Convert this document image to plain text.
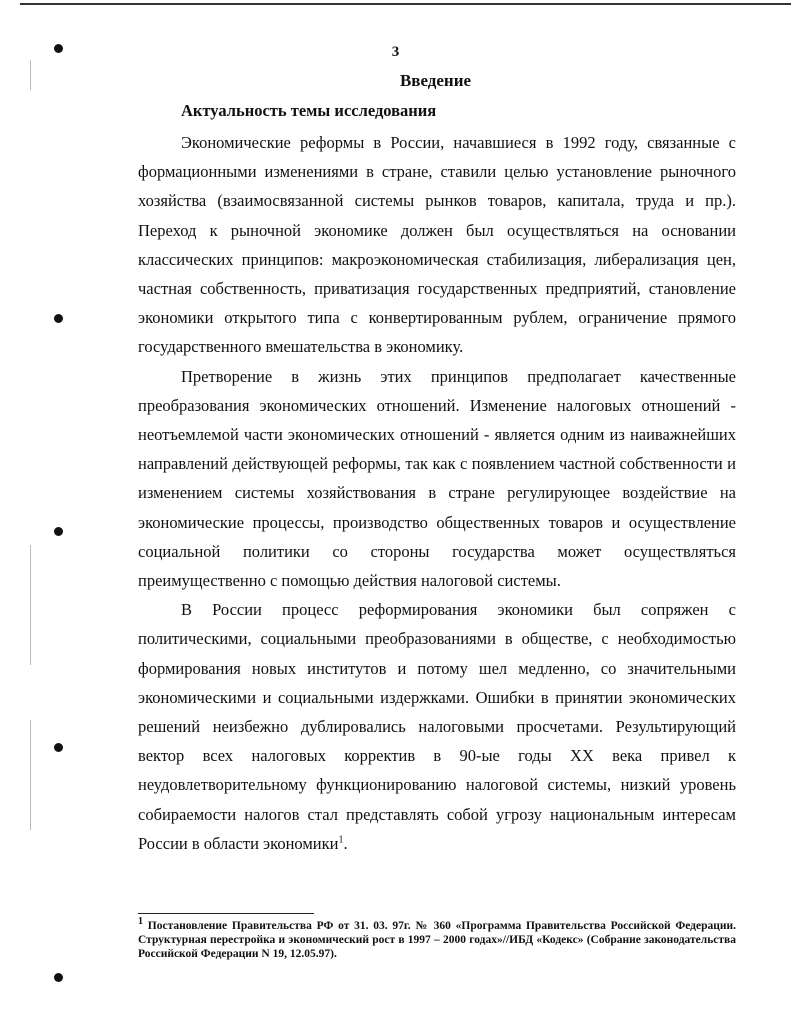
3
Введение
Актуальность темы исследования

Экономические реформы в России, начавшиеся в 1992 году, связанные с формационными изменениями в стране, ставили целью установление рыночного хозяйства (взаимосвязанной системы рынков товаров, капитала, труда и пр.). Переход к рыночной экономике должен был осуществляться на основании классических принципов: макроэкономическая стабилизация, либерализация цен, частная собственность, приватизация государственных предприятий, становление экономики открытого типа с конвертированным рублем, ограничение прямого государственного вмешательства в экономику.

Претворение в жизнь этих принципов предполагает качественные преобразования экономических отношений. Изменение налоговых отношений - неотъемлемой части экономических отношений - является одним из наиважнейших направлений действующей реформы, так как с появлением частной собственности и изменением системы хозяйствования в стране регулирующее воздействие на экономические процессы, производство общественных товаров и осуществление социальной политики со стороны государства может осуществляться преимущественно с помощью действия налоговой системы.

В России процесс реформирования экономики был сопряжен с политическими, социальными преобразованиями в обществе, с необходимостью формирования новых институтов и потому шел медленно, со значительными экономическими и социальными издержками. Ошибки в принятии экономических решений неизбежно дублировались налоговыми просчетами. Результирующий вектор всех налоговых корректив в 90-ые годы XX века привел к неудовлетворительному функционированию налоговой системы, низкий уровень собираемости налогов стал представлять собой угрозу национальным интересам России в области экономики$^1$.

$^1$ Постановление Правительства РФ от 31. 03. 97г. № 360 «Программа Правительства Российской Федерации. Структурная перестройка и экономический рост в 1997 – 2000 годах»//ИБД «Кодекс» (Собрание законодательства Российской Федерации N 19, 12.05.97).
